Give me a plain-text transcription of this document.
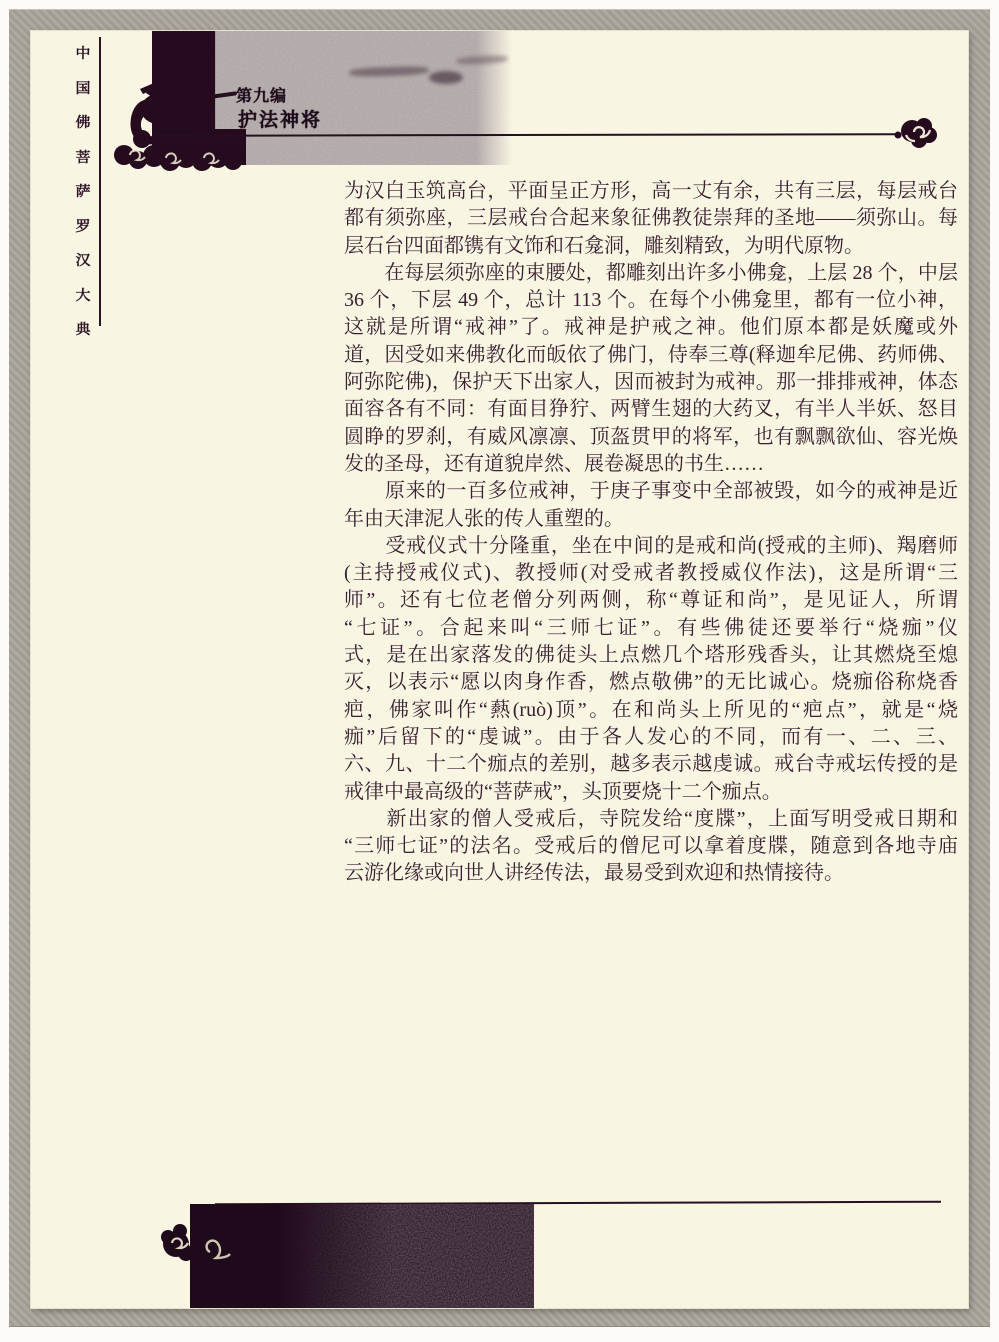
中
国
佛
菩
萨
罗
汉
大
典
第九编
护法神将
为汉白玉筑高台，平面呈正方形，高一丈有余，共有三层，每层戒台
都有须弥座，三层戒台合起来象征佛教徒崇拜的圣地——须弥山。每
层石台四面都镌有文饰和石龛洞，雕刻精致，为明代原物。
　　在每层须弥座的束腰处，都雕刻出许多小佛龛，上层 28 个，中层
36 个，下层 49 个，总计 113 个。在每个小佛龛里，都有一位小神，
这就是所谓“戒神”了。戒神是护戒之神。他们原本都是妖魔或外
道，因受如来佛教化而皈依了佛门，侍奉三尊(释迦牟尼佛、药师佛、
阿弥陀佛)，保护天下出家人，因而被封为戒神。那一排排戒神，体态
面容各有不同：有面目狰狞、两臂生翅的大药叉，有半人半妖、怒目
圆睁的罗刹，有威风凛凛、顶盔贯甲的将军，也有飘飘欲仙、容光焕
发的圣母，还有道貌岸然、展卷凝思的书生……
　　原来的一百多位戒神，于庚子事变中全部被毁，如今的戒神是近
年由天津泥人张的传人重塑的。
　　受戒仪式十分隆重，坐在中间的是戒和尚(授戒的主师)、羯磨师
(主持授戒仪式)、教授师(对受戒者教授威仪作法)，这是所谓“三
师”。还有七位老僧分列两侧，称“尊证和尚”，是见证人，所谓
“七证”。合起来叫“三师七证”。有些佛徒还要举行“烧痂”仪
式，是在出家落发的佛徒头上点燃几个塔形残香头，让其燃烧至熄
灭，以表示“愿以肉身作香，燃点敬佛”的无比诚心。烧痂俗称烧香
疤，佛家叫作“爇(ruò)顶”。在和尚头上所见的“疤点”，就是“烧
痂”后留下的“虔诚”。由于各人发心的不同，而有一、二、三、
六、九、十二个痂点的差别，越多表示越虔诚。戒台寺戒坛传授的是
戒律中最高级的“菩萨戒”，头顶要烧十二个痂点。
　　新出家的僧人受戒后，寺院发给“度牒”，上面写明受戒日期和
“三师七证”的法名。受戒后的僧尼可以拿着度牒，随意到各地寺庙
云游化缘或向世人讲经传法，最易受到欢迎和热情接待。
